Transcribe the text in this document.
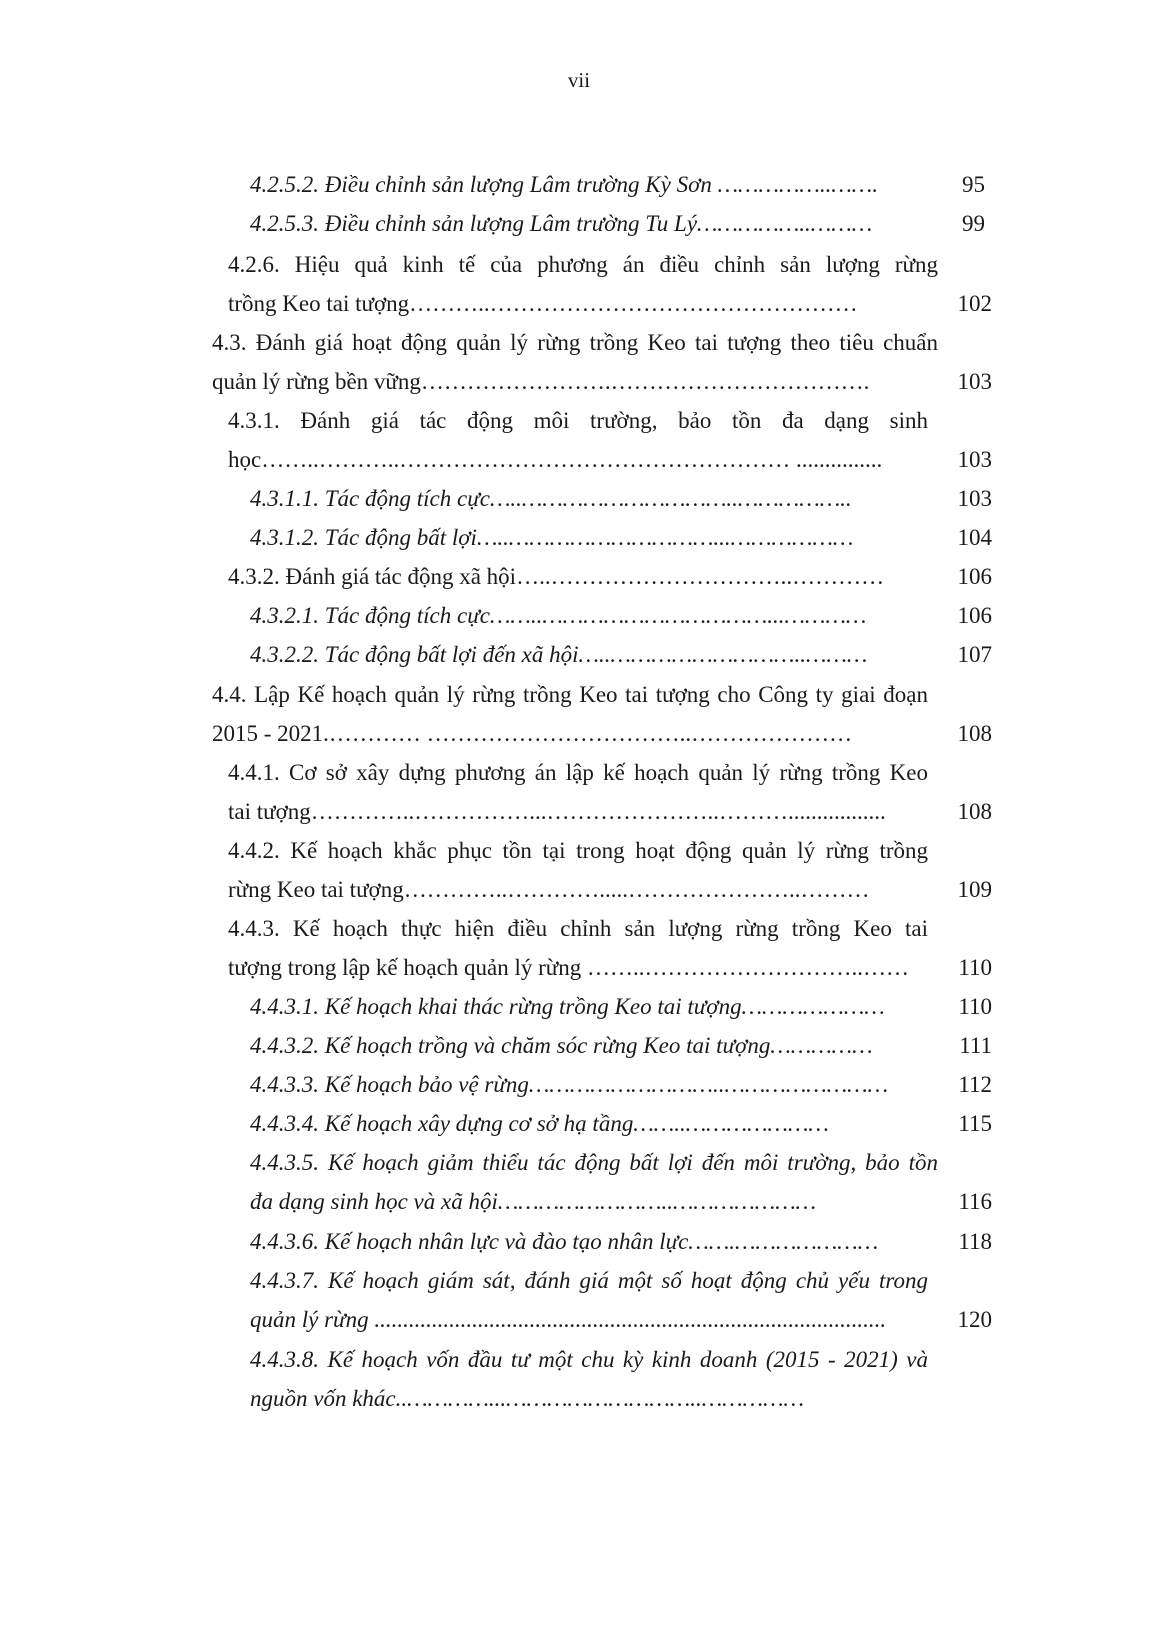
vii
4.2.5.2. Điều chỉnh sản lượng Lâm trường Kỳ Sơn ……………..…….	95
4.2.5.3. Điều chỉnh sản lượng Lâm trường Tu Lý……………..………	99
4.2.6. Hiệu quả kinh tế của phương án điều chỉnh sản lượng rừng
trồng Keo tai tượng………..…………………………………………	102
4.3. Đánh giá hoạt động quản lý rừng trồng Keo tai tượng theo tiêu chuẩn
quản lý rừng bền vững…………………….…………………………….	103
4.3.1. Đánh giá tác động môi trường, bảo tồn đa dạng sinh
học……..………..…………………………………………… ...............	103
4.3.1.1. Tác động tích cực…..…………………………..……………..	103
4.3.1.2. Tác động bất lợi…..…………………………...………………	104
4.3.2. Đánh giá tác động xã hội…..…………………………..…………	106
4.3.2.1. Tác động tích cực……..……………………………...…………	106
4.3.2.2. Tác động bất lợi đến xã hội…..………………………..………	107
4.4. Lập Kế hoạch quản lý rừng trồng Keo tai tượng cho Công ty giai đoạn
2015 - 2021.………… ……………………………..…………………	108
4.4.1. Cơ sở xây dựng phương án lập kế hoạch quản lý rừng trồng Keo
tai tượng…………..……………...…………………..……….................	108
4.4.2. Kế hoạch khắc phục tồn tại trong hoạt động quản lý rừng trồng
rừng Keo tai tượng…………..………….....…………………..………	109
4.4.3. Kế hoạch thực hiện điều chỉnh sản lượng rừng trồng Keo tai
tượng trong lập kế hoạch quản lý rừng ……..………………………..……	110
4.4.3.1. Kế hoạch khai thác rừng trồng Keo tai tượng…………………	110
4.4.3.2. Kế hoạch trồng và chăm sóc rừng Keo tai tượng……………	111
4.4.3.3. Kế hoạch bảo vệ rừng………………………..……………………	112
4.4.3.4. Kế hoạch xây dựng cơ sở hạ tầng……..…………………	115
4.4.3.5. Kế hoạch giảm thiểu tác động bất lợi đến môi trường, bảo tồn
đa dạng sinh học và xã hội……………………..…………………	116
4.4.3.6. Kế hoạch nhân lực và đào tạo nhân lực…….…………………	118
4.4.3.7. Kế hoạch giám sát, đánh giá một số hoạt động chủ yếu trong
quản lý rừng .........................................................................................	120
4.4.3.8. Kế hoạch vốn đầu tư một chu kỳ kinh doanh (2015 - 2021) và
nguồn vốn khác..…………...………………………..……………
